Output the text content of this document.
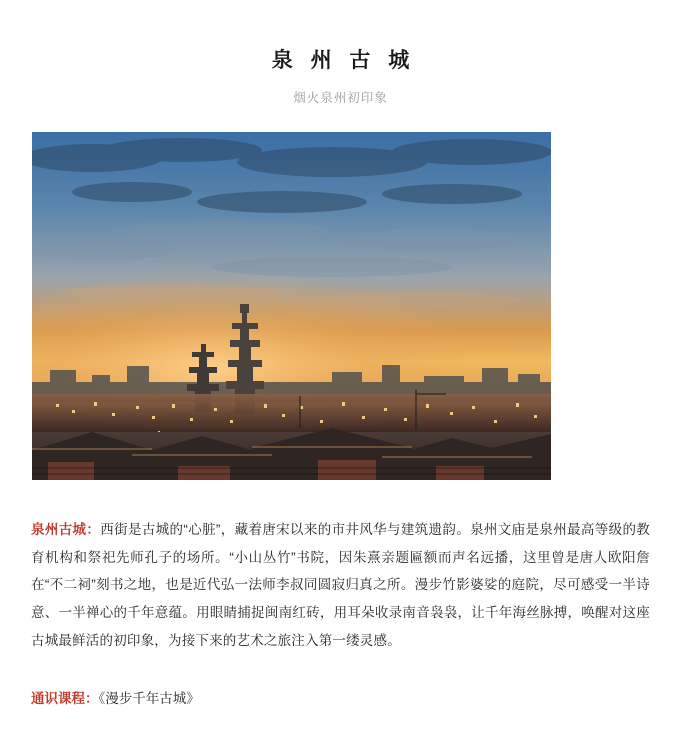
泉 州 古 城
烟火泉州初印象

泉州古城：西街是古城的“心脏”，藏着唐宋以来的市井风华与建筑遗韵。泉州文庙是泉州最高等级的教育机构和祭祀先师孔子的场所。“小山丛竹”书院，因朱熹亲题匾额而声名远播，这里曾是唐人欧阳詹在“不二祠”刻书之地，也是近代弘一法师李叔同圆寂归真之所。漫步竹影婆娑的庭院，尽可感受一半诗意、一半禅心的千年意蕴。用眼睛捕捉闽南红砖，用耳朵收录南音袅袅，让千年海丝脉搏，唤醒对这座古城最鲜活的初印象，为接下来的艺术之旅注入第一缕灵感。

通识课程：《漫步千年古城》
